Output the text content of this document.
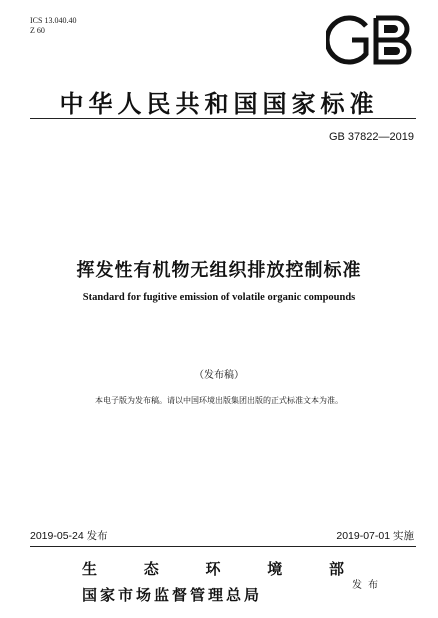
ICS 13.040.40
Z 60
中华人民共和国国家标准
GB 37822—2019
挥发性有机物无组织排放控制标准
Standard for fugitive emission of volatile organic compounds
（发布稿）
本电子版为发布稿。请以中国环境出版集团出版的正式标准文本为准。
2019-05-24 发布	2019-07-01 实施
生	态	环	境	部
国家市场监督管理总局
发布
